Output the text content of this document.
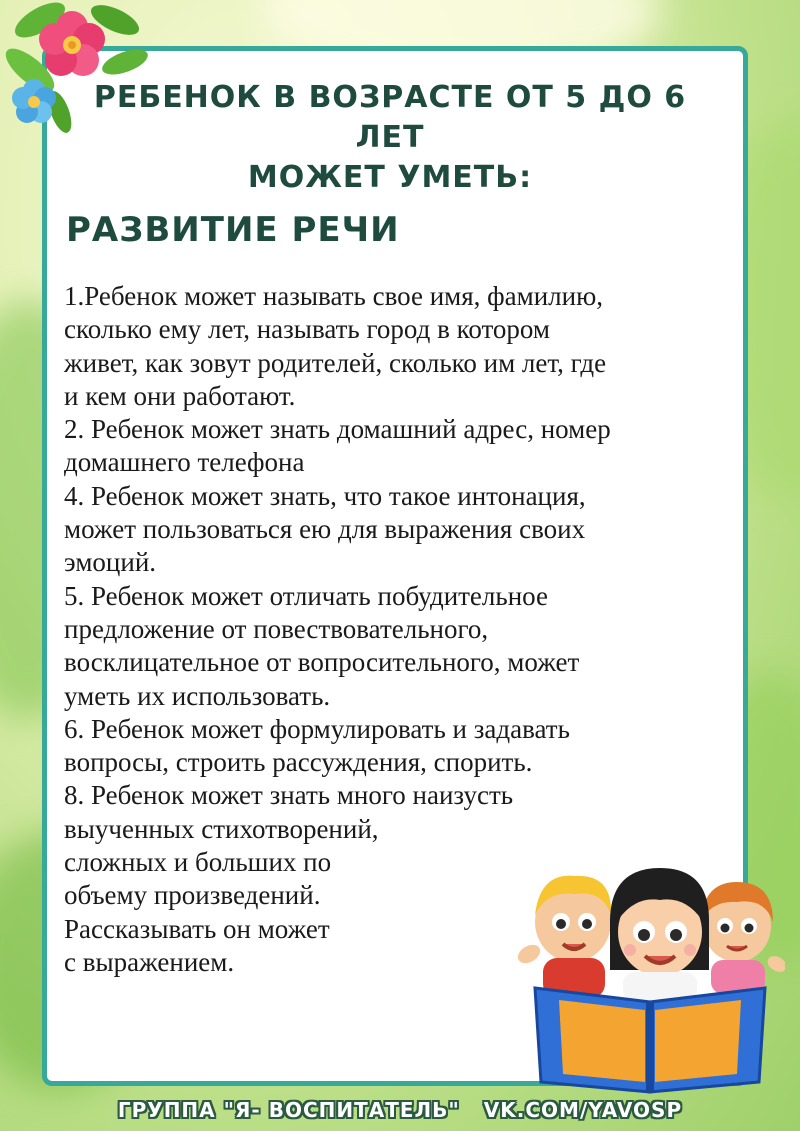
РЕБЕНОК В ВОЗРАСТЕ ОТ 5 ДО 6 ЛЕТ
МОЖЕТ УМЕТЬ:
РАЗВИТИЕ РЕЧИ

1.Ребенок может называть свое имя, фамилию,
сколько ему лет, называть город в котором
живет, как зовут родителей, сколько им лет, где
и кем они работают.

2. Ребенок может знать домашний адрес, номер
домашнего телефона

4. Ребенок может знать, что такое интонация,
может пользоваться ею для выражения своих
эмоций.

5. Ребенок может отличать побудительное
предложение от повествовательного,
восклицательное от вопросительного, может
уметь их использовать.

6. Ребенок может формулировать и задавать
вопросы, строить рассуждения, спорить.

8. Ребенок может знать много наизусть
выученных стихотворений,
сложных и больших по
объему произведений.
Рассказывать он может
с выражением.

ГРУППА "Я- ВОСПИТАТЕЛЬ" VK.COM/YAVOSP
